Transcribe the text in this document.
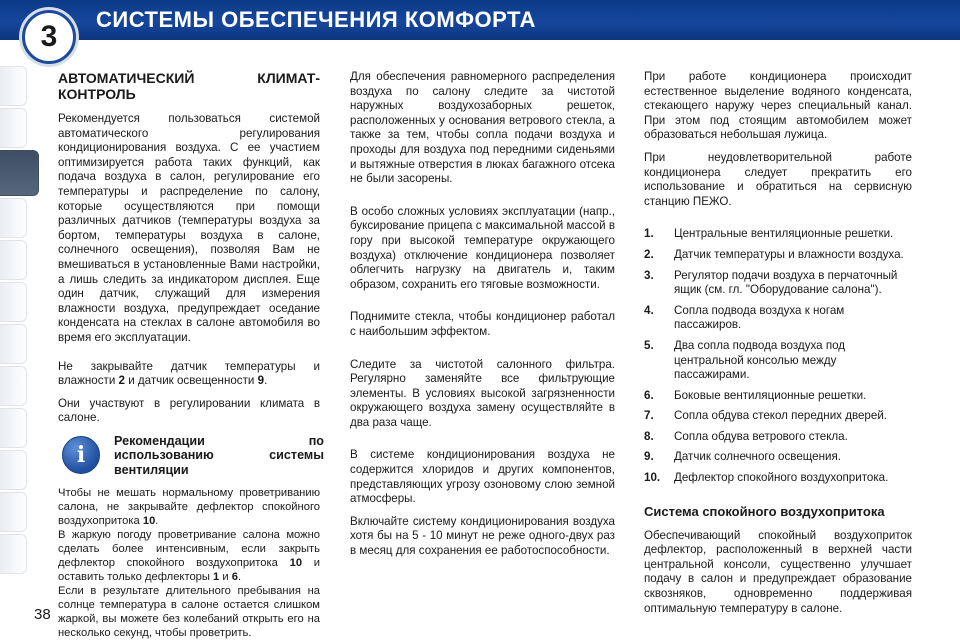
СИСТЕМЫ ОБЕСПЕЧЕНИЯ КОМФОРТА
3
АВТОМАТИЧЕСКИЙ КЛИМАТ-КОНТРОЛЬ

Рекомендуется пользоваться системой автоматического регулирования кондиционирования воздуха. С ее участием оптимизируется работа таких функций, как подача воздуха в салон, регулирование его температуры и распределение по салону, которые осуществляются при помощи различных датчиков (температуры воздуха за бортом, температуры воздуха в салоне, солнечного освещения), позволяя Вам не вмешиваться в установленные Вами настройки, а лишь следить за индикатором дисплея. Еще один датчик, служащий для измерения влажности воздуха, предупреждает оседание конденсата на стеклах в салоне автомобиля во время его эксплуатации.

Не закрывайте датчик температуры и влажности 2 и датчик освещенности 9.

Они участвуют в регулировании климата в салоне.

i
Рекомендации по использованию системы вентиляции
Чтобы не мешать нормальному проветриванию салона, не закрывайте дефлектор спокойного воздухопритока 10.
В жаркую погоду проветривание салона можно сделать более интенсивным, если закрыть дефлектор спокойного воздухопритока 10 и оставить только дефлекторы 1 и 6.
Если в результате длительного пребывания на солнце температура в салоне остается слишком жаркой, вы можете без колебаний открыть его на несколько секунд, чтобы проветрить.

Для обеспечения равномерного распределения воздуха по салону следите за чистотой наружных воздухозаборных решеток, расположенных у основания ветрового стекла, а также за тем, чтобы сопла подачи воздуха и проходы для воздуха под передними сиденьями и вытяжные отверстия в люках багажного отсека не были засорены.

В особо сложных условиях эксплуатации (напр., буксирование прицепа с максимальной массой в гору при высокой температуре окружающего воздуха) отключение кондиционера позволяет облегчить нагрузку на двигатель и, таким образом, сохранить его тяговые возможности.

Поднимите стекла, чтобы кондиционер работал с наибольшим эффектом.

Следите за чистотой салонного фильтра. Регулярно заменяйте все фильтрующие элементы. В условиях высокой загрязненности окружающего воздуха замену осуществляйте в два раза чаще.

В системе кондиционирования воздуха не содержится хлоридов и других компонентов, представляющих угрозу озоновому слою земной атмосферы.

Включайте систему кондиционирования воздуха хотя бы на 5 - 10 минут не реже одного-двух раз в месяц для сохранения ее работоспособности.

При работе кондиционера происходит естественное выделение водяного конденсата, стекающего наружу через специальный канал. При этом под стоящим автомобилем может образоваться небольшая лужица.

При неудовлетворительной работе кондиционера следует прекратить его использование и обратиться на сервисную станцию ПЕЖО.

1. Центральные вентиляционные решетки.
2. Датчик температуры и влажности воздуха.
3. Регулятор подачи воздуха в перчаточный ящик (см. гл. "Оборудование салона").
4. Сопла подвода воздуха к ногам пассажиров.
5. Два сопла подвода воздуха под центральной консолью между пассажирами.
6. Боковые вентиляционные решетки.
7. Сопла обдува стекол передних дверей.
8. Сопла обдува ветрового стекла.
9. Датчик солнечного освещения.
10. Дефлектор спокойного воздухопритока.
Система спокойного воздухопритока

Обеспечивающий спокойный воздухоприток дефлектор, расположенный в верхней части центральной консоли, существенно улучшает подачу в салон и предупреждает образование сквозняков, одновременно поддерживая оптимальную температуру в салоне.

38
